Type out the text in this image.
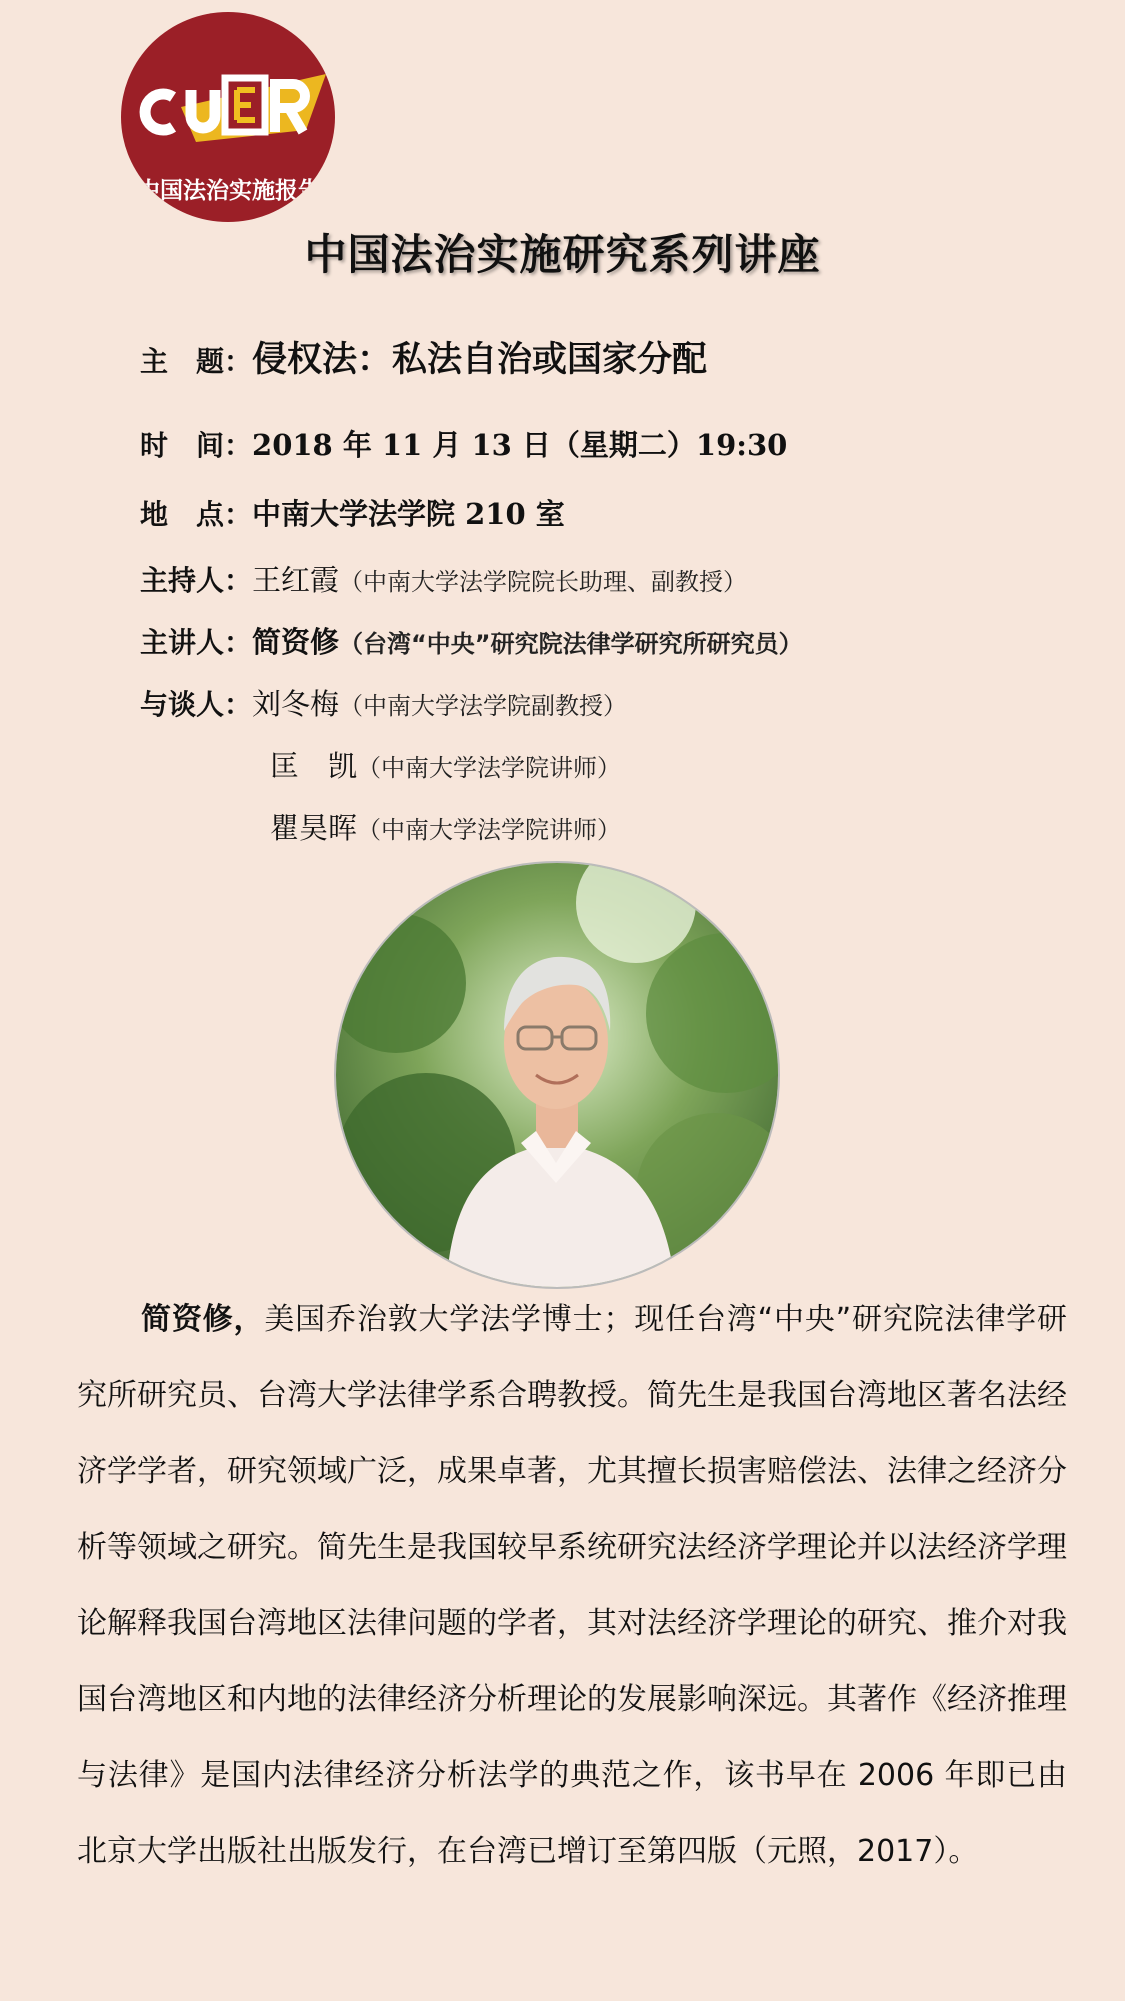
中国法治实施报告
中国法治实施研究系列讲座
主　题：侵权法：私法自治或国家分配
时　间：2018 年 11 月 13 日（星期二）19:30
地　点：中南大学法学院 210 室
主持人：王红霞（中南大学法学院院长助理、副教授）
主讲人：简资修（台湾“中央”研究院法律学研究所研究员）
与谈人：刘冬梅（中南大学法学院副教授）
匡　凯（中南大学法学院讲师）
瞿昊晖（中南大学法学院讲师）
简资修，美国乔治敦大学法学博士；现任台湾“中央”研究院法律学研究所研究员、台湾大学法律学系合聘教授。简先生是我国台湾地区著名法经济学学者，研究领域广泛，成果卓著，尤其擅长损害赔偿法、法律之经济分析等领域之研究。简先生是我国较早系统研究法经济学理论并以法经济学理论解释我国台湾地区法律问题的学者，其对法经济学理论的研究、推介对我国台湾地区和内地的法律经济分析理论的发展影响深远。其著作《经济推理与法律》是国内法律经济分析法学的典范之作，该书早在 2006 年即已由北京大学出版社出版发行，在台湾已增订至第四版（元照，2017）。
